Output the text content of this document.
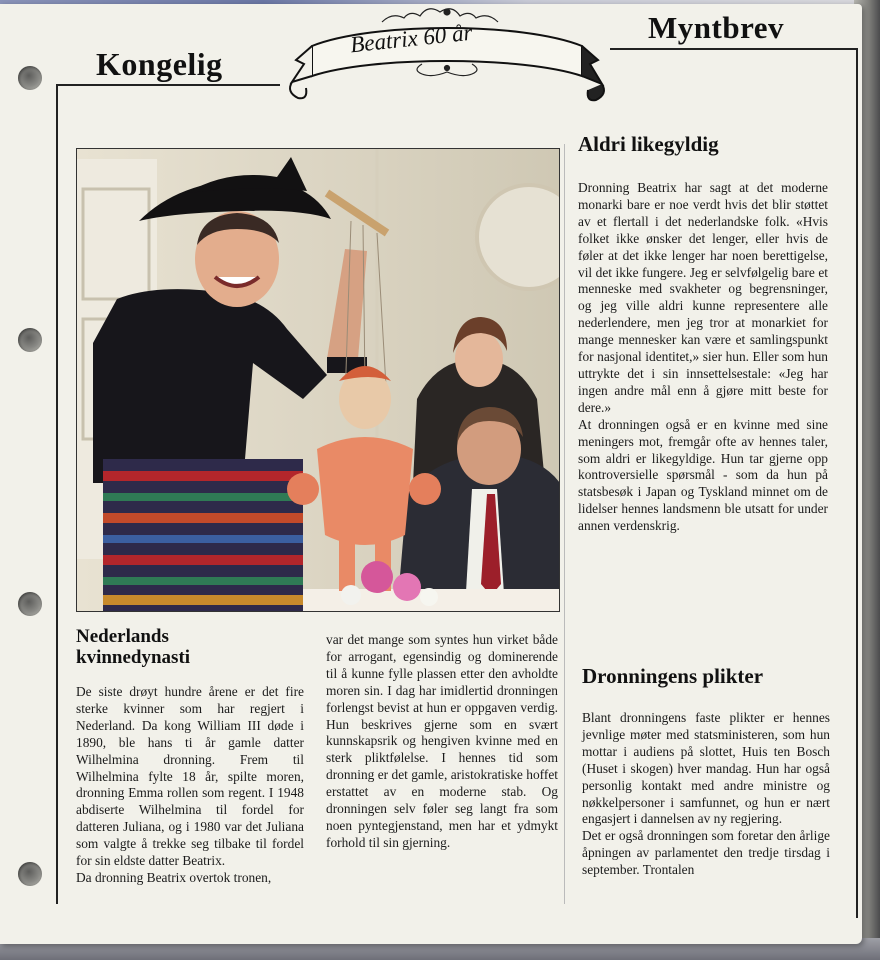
Kongelig
Myntbrev
Beatrix 60 år
Aldri likegyldig

Dronning Beatrix har sagt at det moderne monarki bare er noe verdt hvis det blir støttet av et flertall i det nederlandske folk. «Hvis folket ikke ønsker det lenger, eller hvis de føler at det ikke lenger har noen berettigelse, vil det ikke fungere. Jeg er selvfølgelig bare et menneske med svakheter og begrensninger, og jeg ville aldri kunne representere alle nederlendere, men jeg tror at monarkiet for mange mennesker kan være et samlingspunkt for nasjonal identitet,» sier hun. Eller som hun uttrykte det i sin innsettelsestale: «Jeg har ingen andre mål enn å gjøre mitt beste for dere.»

At dronningen også er en kvinne med sine meningers mot, fremgår ofte av hennes taler, som aldri er likegyldige. Hun tar gjerne opp kontroversielle spørsmål - som da hun på statsbesøk i Japan og Tyskland minnet om de lidelser hennes landsmenn ble utsatt for under annen verdenskrig.

Dronningens plikter

Blant dronningens faste plikter er hennes jevnlige møter med statsministeren, som hun mottar i audiens på slottet, Huis ten Bosch (Huset i skogen) hver mandag. Hun har også personlig kontakt med andre ministre og nøkkelpersoner i samfunnet, og hun er nært engasjert i dannelsen av ny regjering.

Det er også dronningen som foretar den årlige åpningen av parlamentet den tredje tirsdag i september. Trontalen

Nederlands kvinnedynasti

De siste drøyt hundre årene er det fire sterke kvinner som har regjert i Nederland. Da kong William III døde i 1890, ble hans ti år gamle datter Wilhelmina dronning. Frem til Wilhelmina fylte 18 år, spilte moren, dronning Emma rollen som regent. I 1948 abdiserte Wilhelmina til fordel for datteren Juliana, og i 1980 var det Juliana som valgte å trekke seg tilbake til fordel for sin eldste datter Beatrix.

Da dronning Beatrix overtok tronen,

var det mange som syntes hun virket både for arrogant, egensindig og dominerende til å kunne fylle plassen etter den avholdte moren sin. I dag har imidlertid dronningen forlengst bevist at hun er oppgaven verdig. Hun beskrives gjerne som en svært kunnskapsrik og hengiven kvinne med en sterk pliktfølelse. I hennes tid som dronning er det gamle, aristokratiske hoffet erstattet av en moderne stab. Og dronningen selv føler seg langt fra som noen pyntegjenstand, men har et ydmykt forhold til sin gjerning.
